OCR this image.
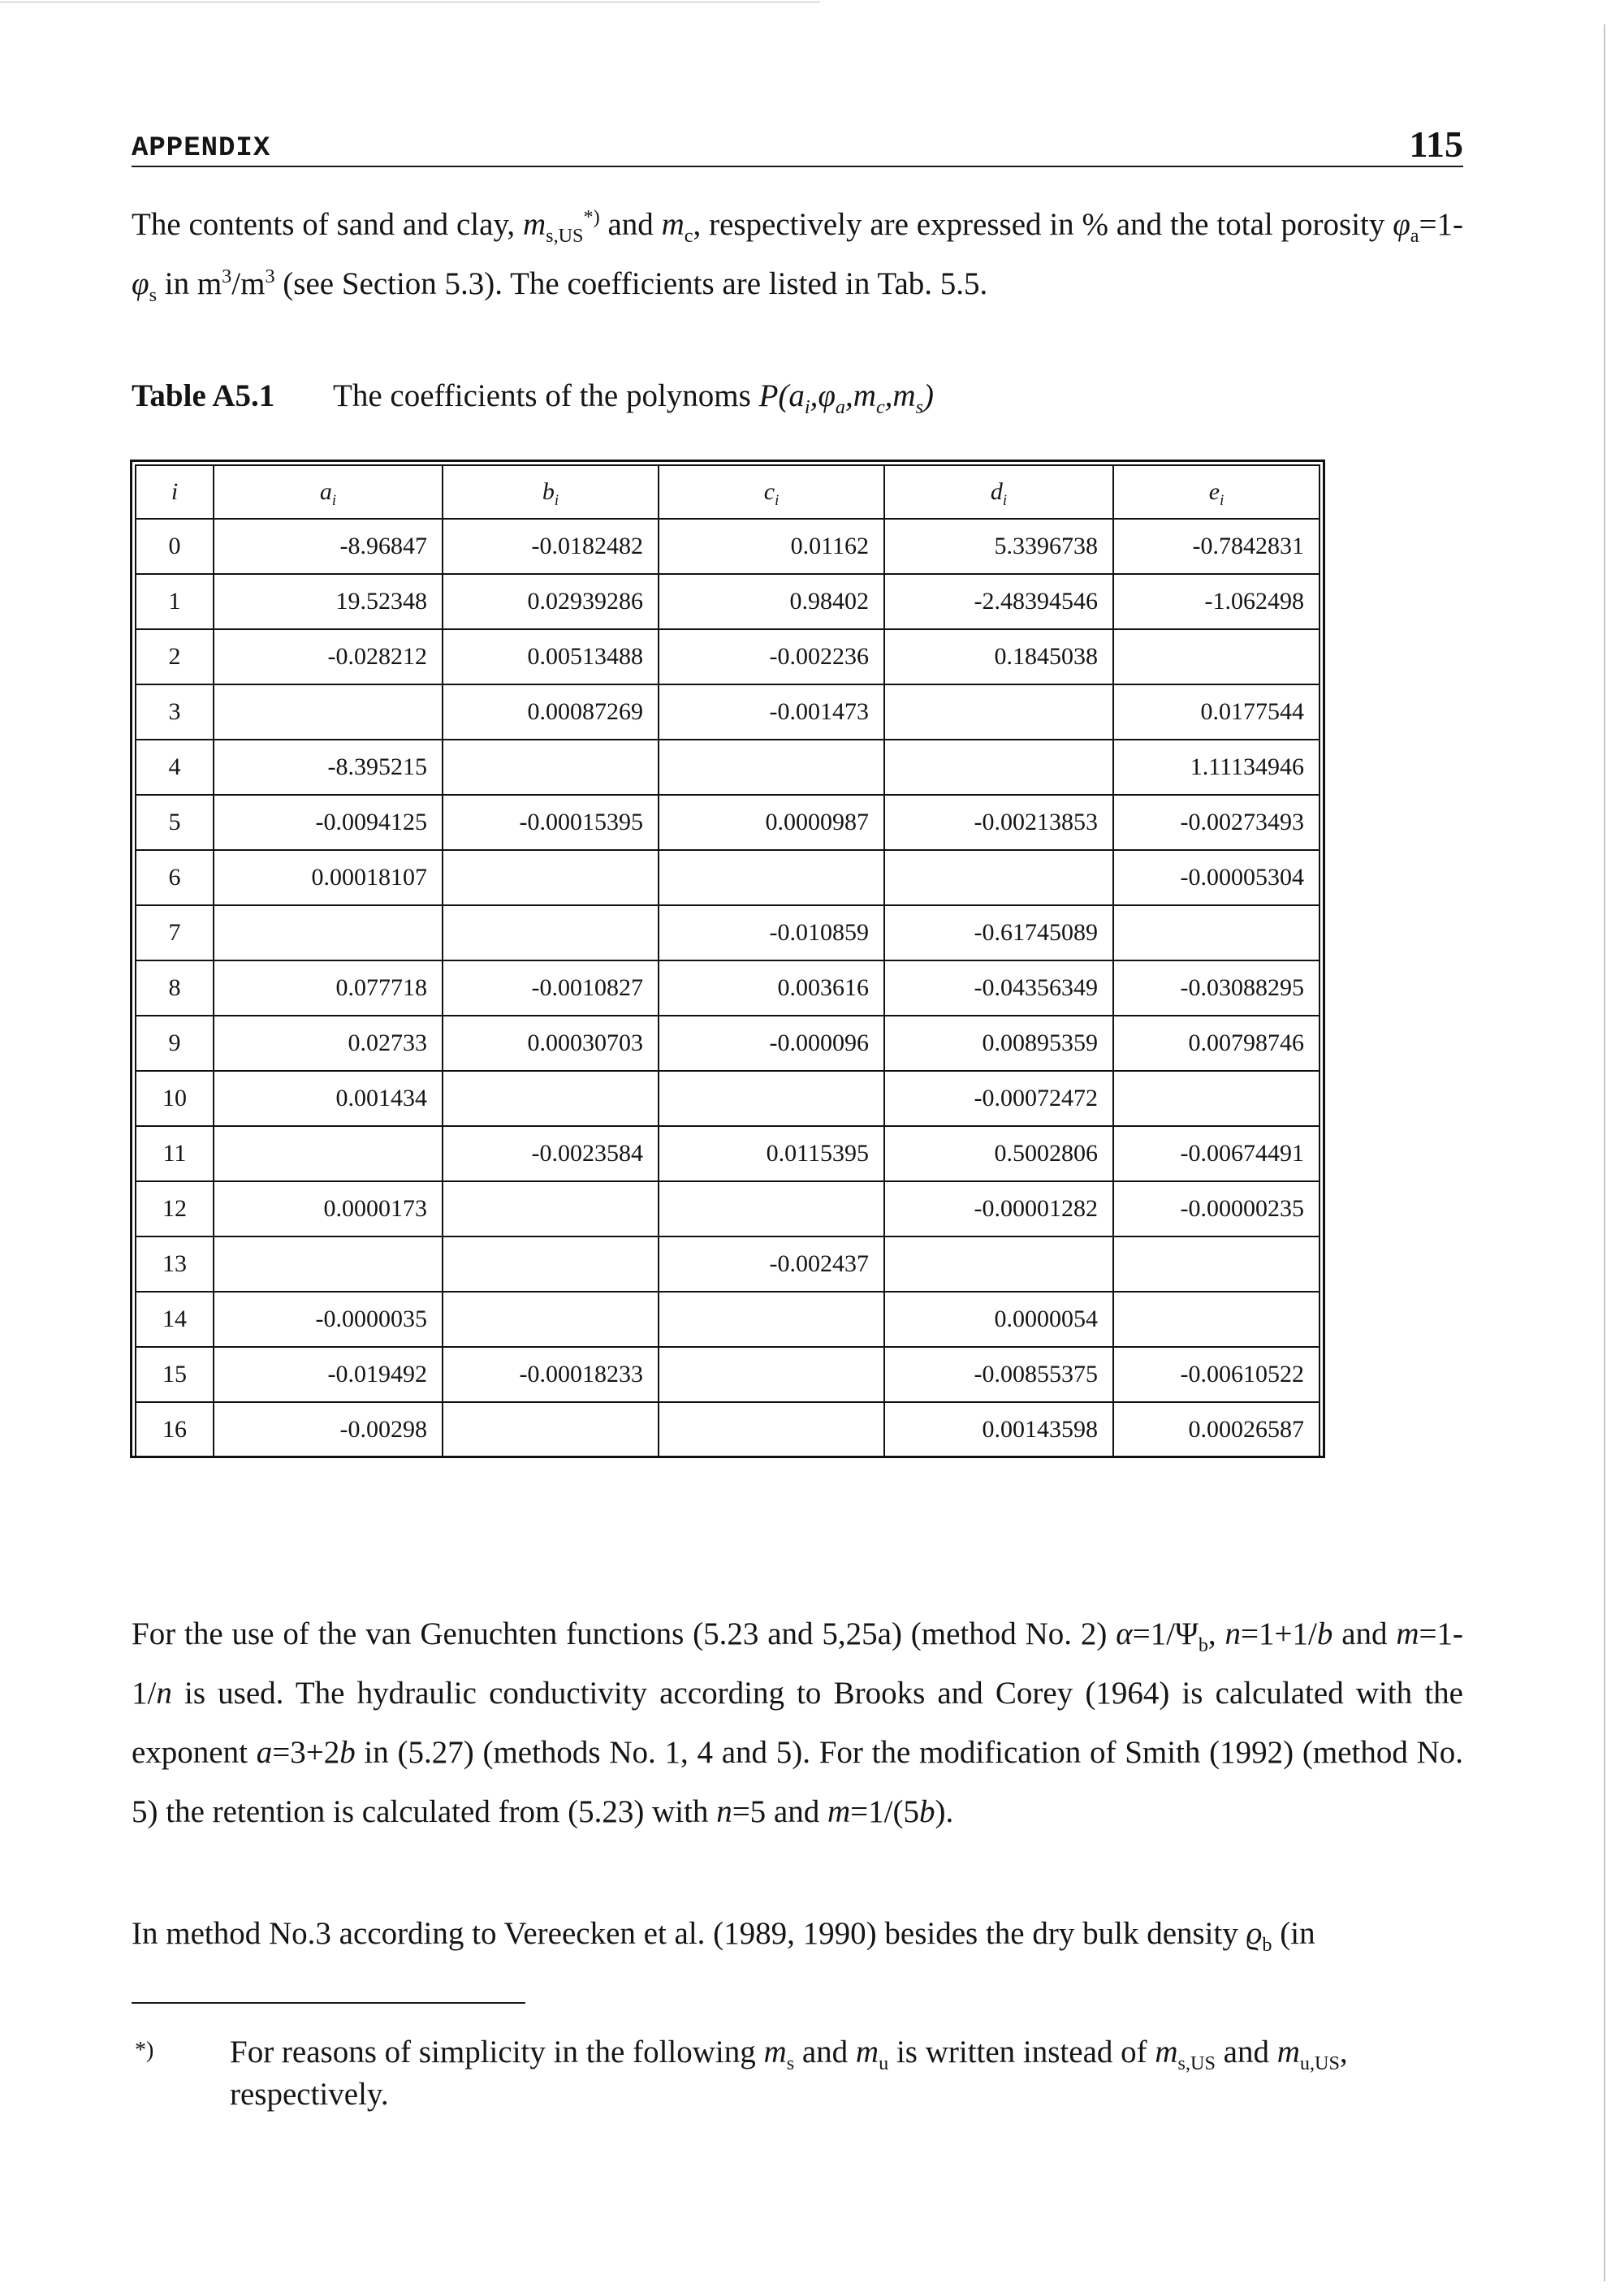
APPENDIX	115

The contents of sand and clay, $m_{s,US}^{*)}$ and $m_c$, respectively are expressed in % and the total porosity $\varphi_a=1-\varphi_s$ in $m^3/m^3$ (see Section 5.3). The coefficients are listed in Tab. 5.5.

Table A5.1 The coefficients of the polynoms $P(a_i,\varphi_a,m_c,m_s)$
i	$a_i$	$b_i$	$c_i$	$d_i$	$e_i$
0	-8.96847	-0.0182482	0.01162	5.3396738	-0.7842831
1	19.52348	0.02939286	0.98402	-2.48394546	-1.062498
2	-0.028212	0.00513488	-0.002236	0.1845038	
3		0.00087269	-0.001473		0.0177544
4	-8.395215				1.11134946
5	-0.0094125	-0.00015395	0.0000987	-0.00213853	-0.00273493
6	0.00018107				-0.00005304
7			-0.010859	-0.61745089	
8	0.077718	-0.0010827	0.003616	-0.04356349	-0.03088295
9	0.02733	0.00030703	-0.000096	0.00895359	0.00798746
10	0.001434			-0.00072472	
11		-0.0023584	0.0115395	0.5002806	-0.00674491
12	0.0000173			-0.00001282	-0.00000235
13			-0.002437		
14	-0.0000035			0.0000054	
15	-0.019492	-0.00018233		-0.00855375	-0.00610522
16	-0.00298			0.00143598	0.00026587

For the use of the van Genuchten functions (5.23 and 5,25a) (method No. 2) $\alpha=1/\Psi_b$, n=1+1/b and m=1-1/n is used. The hydraulic conductivity according to Brooks and Corey (1964) is calculated with the exponent a=3+2b in (5.27) (methods No. 1, 4 and 5). For the modification of Smith (1992) (method No. 5) the retention is calculated from (5.23) with n=5 and m=1/(5b).

In method No.3 according to Vereecken et al. (1989, 1990) besides the dry bulk density $ϱ_b$ (in

*) For reasons of simplicity in the following $m_s$ and $m_u$ is written instead of $m_{s,US}$ and $m_{u,US}$, respectively.
